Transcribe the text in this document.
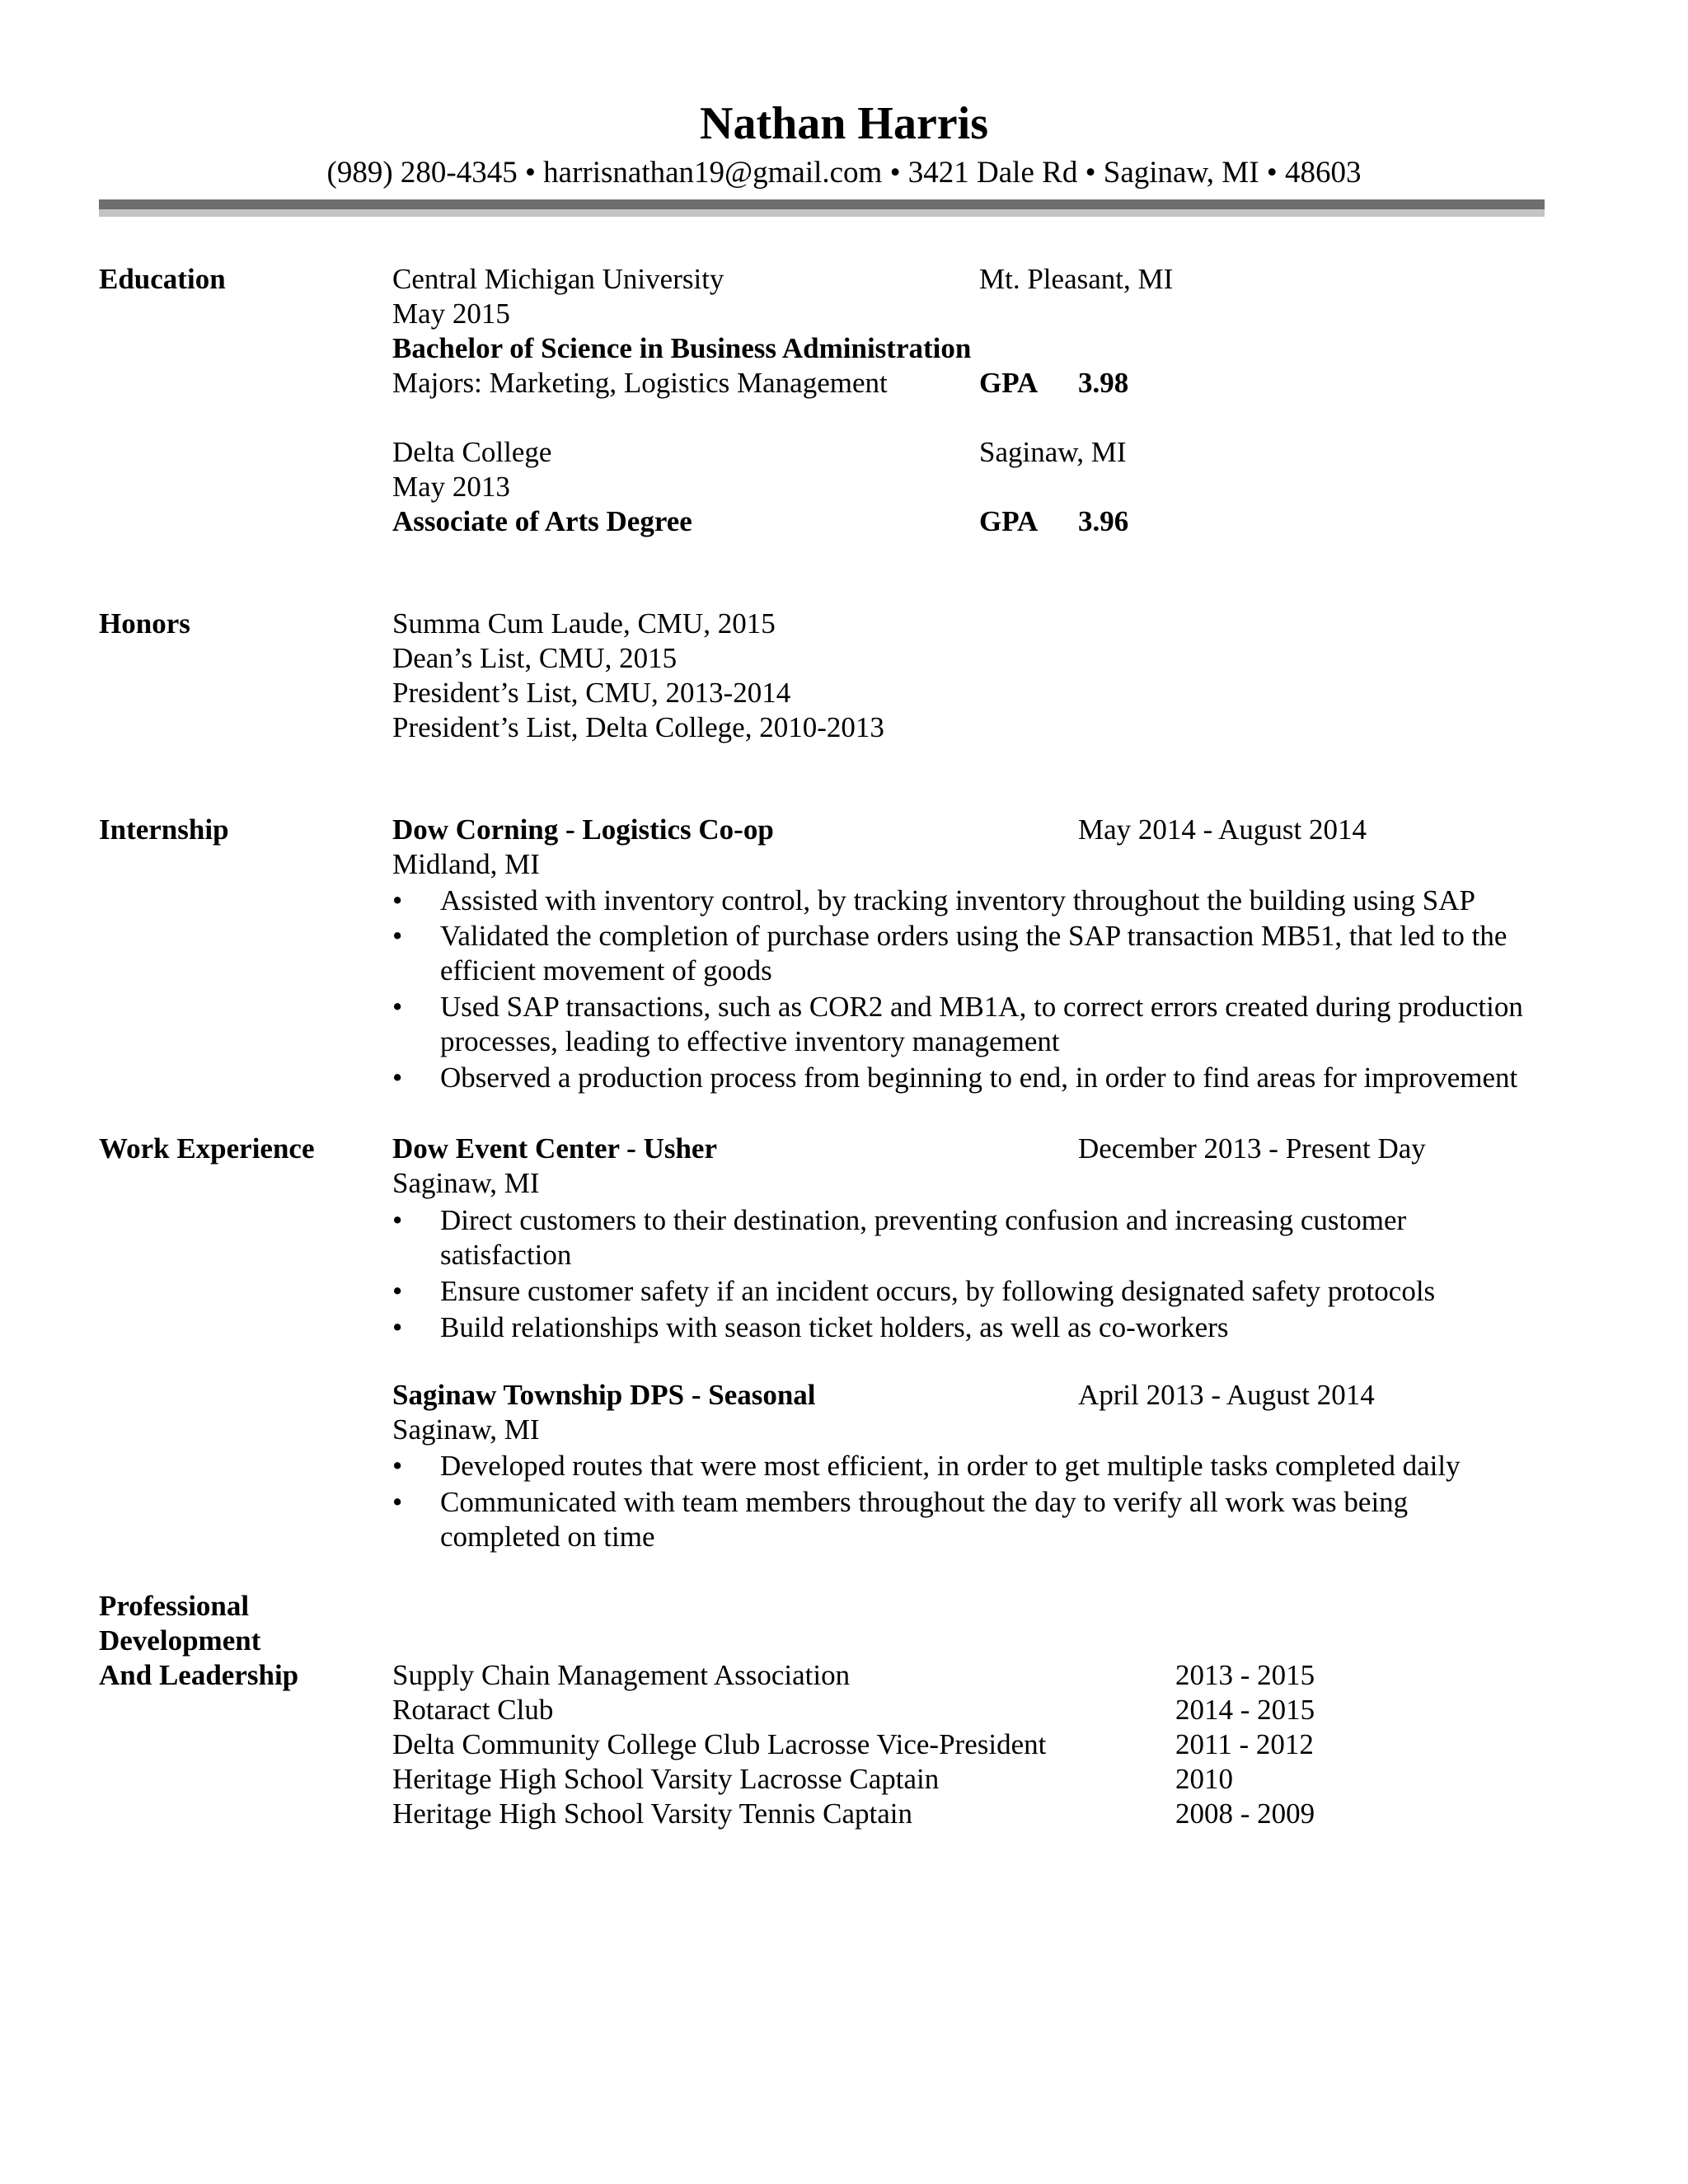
Nathan Harris
(989) 280-4345 • harrisnathan19@gmail.com • 3421 Dale Rd • Saginaw, MI • 48603
Education	Central Michigan University	Mt. Pleasant, MI
May 2015
Bachelor of Science in Business Administration
Majors: Marketing, Logistics Management	GPA 3.98
Delta College	Saginaw, MI
May 2013
Associate of Arts Degree	GPA 3.96
Honors	Summa Cum Laude, CMU, 2015
Dean’s List, CMU, 2015
President’s List, CMU, 2013-2014
President’s List, Delta College, 2010-2013
Internship	Dow Corning - Logistics Co-op	May 2014 - August 2014
Midland, MI
•	Assisted with inventory control, by tracking inventory throughout the building using SAP
•	Validated the completion of purchase orders using the SAP transaction MB51, that led to the efficient movement of goods
•	Used SAP transactions, such as COR2 and MB1A, to correct errors created during production processes, leading to effective inventory management
•	Observed a production process from beginning to end, in order to find areas for improvement
Work Experience	Dow Event Center - Usher	December 2013 - Present Day
Saginaw, MI
•	Direct customers to their destination, preventing confusion and increasing customer satisfaction
•	Ensure customer safety if an incident occurs, by following designated safety protocols
•	Build relationships with season ticket holders, as well as co-workers
Saginaw Township DPS - Seasonal	April 2013 - August 2014
Saginaw, MI
•	Developed routes that were most efficient, in order to get multiple tasks completed daily
•	Communicated with team members throughout the day to verify all work was being completed on time
Professional
Development
And Leadership	Supply Chain Management Association	2013 - 2015
Rotaract Club	2014 - 2015
Delta Community College Club Lacrosse Vice-President	2011 - 2012
Heritage High School Varsity Lacrosse Captain	2010
Heritage High School Varsity Tennis Captain	2008 - 2009
